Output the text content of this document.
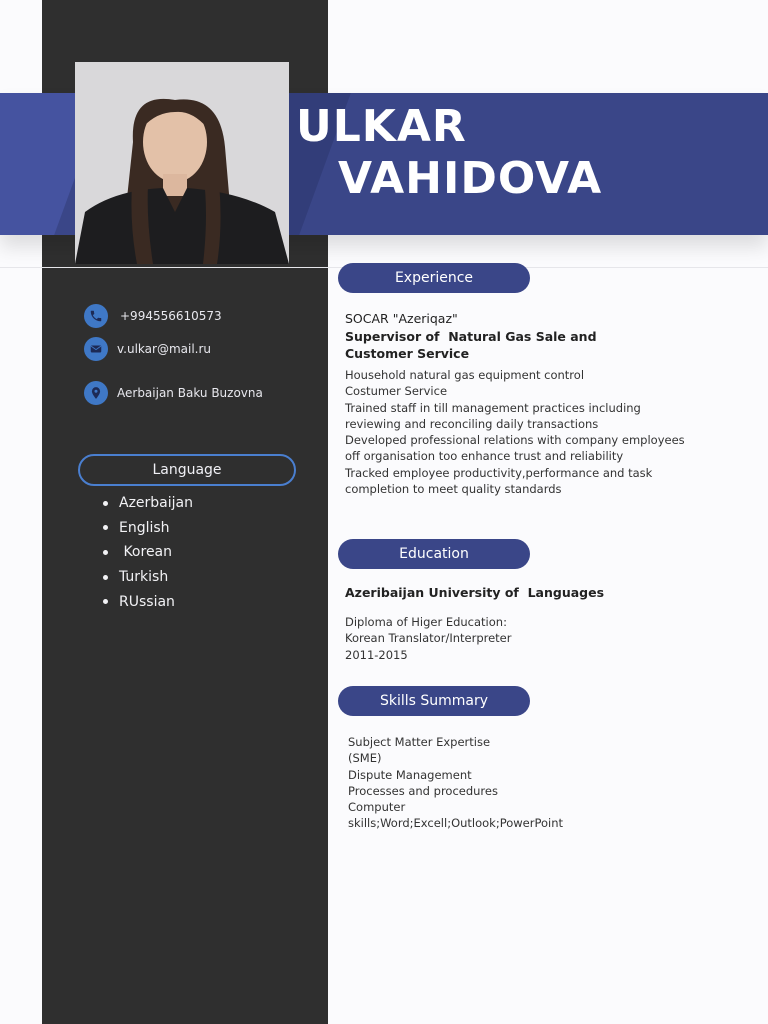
ULKAR
VAHIDOVA
+994556610573
v.ulkar@mail.ru
Aerbaijan Baku Buzovna
Language
Azerbaijan
English
Korean
Turkish
RUssian
Experience
SOCAR "Azeriqaz"
Supervisor of  Natural Gas Sale and
Customer Service
Household natural gas equipment control
Costumer Service
Trained staff in till management practices including
reviewing and reconciling daily transactions
Developed professional relations with company employees
off organisation too enhance trust and reliability
Tracked employee productivity,performance and task
completion to meet quality standards
Education
Azeribaijan University of  Languages
Diploma of Higer Education:
Korean Translator/Interpreter
2011-2015
Skills Summary
Subject Matter Expertise
(SME)
Dispute Management
Processes and procedures
Computer
skills;Word;Excell;Outlook;PowerPoint
